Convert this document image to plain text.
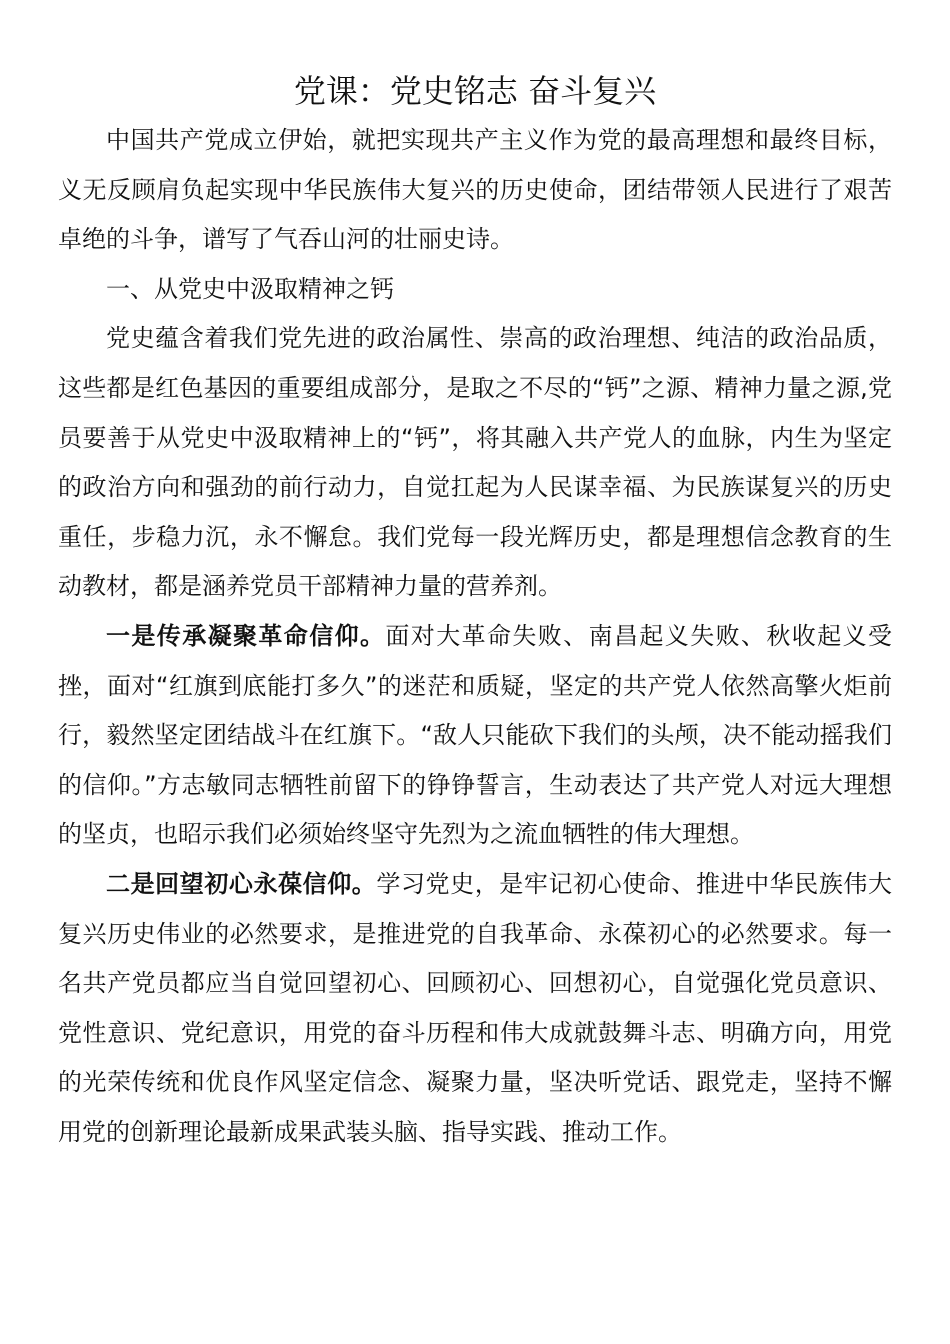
党课：党史铭志 奋斗复兴

中国共产党成立伊始，就把实现共产主义作为党的最高理想和最终目标，义无反顾肩负起实现中华民族伟大复兴的历史使命，团结带领人民进行了艰苦卓绝的斗争，谱写了气吞山河的壮丽史诗。

一、从党史中汲取精神之钙

党史蕴含着我们党先进的政治属性、崇高的政治理想、纯洁的政治品质，这些都是红色基因的重要组成部分，是取之不尽的“钙”之源、精神力量之源,党员要善于从党史中汲取精神上的“钙”，将其融入共产党人的血脉，内生为坚定的政治方向和强劲的前行动力，自觉扛起为人民谋幸福、为民族谋复兴的历史重任，步稳力沉，永不懈怠。我们党每一段光辉历史，都是理想信念教育的生动教材，都是涵养党员干部精神力量的营养剂。

一是传承凝聚革命信仰。面对大革命失败、南昌起义失败、秋收起义受挫，面对“红旗到底能打多久”的迷茫和质疑，坚定的共产党人依然高擎火炬前行，毅然坚定团结战斗在红旗下。“敌人只能砍下我们的头颅，决不能动摇我们的信仰。”方志敏同志牺牲前留下的铮铮誓言，生动表达了共产党人对远大理想的坚贞，也昭示我们必须始终坚守先烈为之流血牺牲的伟大理想。

二是回望初心永葆信仰。学习党史，是牢记初心使命、推进中华民族伟大复兴历史伟业的必然要求，是推进党的自我革命、永葆初心的必然要求。每一名共产党员都应当自觉回望初心、回顾初心、回想初心，自觉强化党员意识、党性意识、党纪意识，用党的奋斗历程和伟大成就鼓舞斗志、明确方向，用党的光荣传统和优良作风坚定信念、凝聚力量，坚决听党话、跟党走，坚持不懈用党的创新理论最新成果武装头脑、指导实践、推动工作。
